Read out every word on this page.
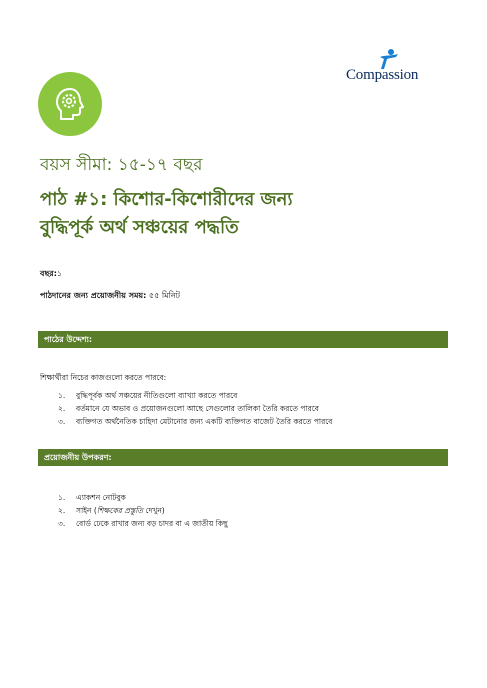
Compassion
বয়স সীমা: ১৫-১৭ বছর
পাঠ #১: কিশোর-কিশোরীদের জন্য
বুদ্ধিপূর্ক অর্থ সঞ্চয়ের পদ্ধতি
বছর:১
পাঠদানের জন্য প্রয়োজনীয় সময়: ৫৫ মিনিট
পাঠের উদ্দেশ্য:
শিক্ষার্থীরা নিচের কাজগুলো করতে পারবে:
১. বুদ্ধিপূর্বক অর্থ সঞ্চয়ের নীতিগুলো ব্যাখ্যা করতে পারবে
২. বর্তমানে যে অভাব ও প্রয়োজনগুলো আছে সেগুলোর তালিকা তৈরি করতে পারবে
৩. ব্যক্তিগত অর্থনৈতিক চাহিদা মেটানোর জন্য একটি ব্যক্তিগত বাজেট তৈরি করতে পারবে
প্রয়োজনীয় উপকরণ:
১. এ্যাকশন নোটবুক
২. সাইন (শিক্ষকের প্রস্তুতি দেখুন)
৩. বোর্ড ঢেকে রাখার জন্য বড় চাদর বা এ জাতীয় কিছু
